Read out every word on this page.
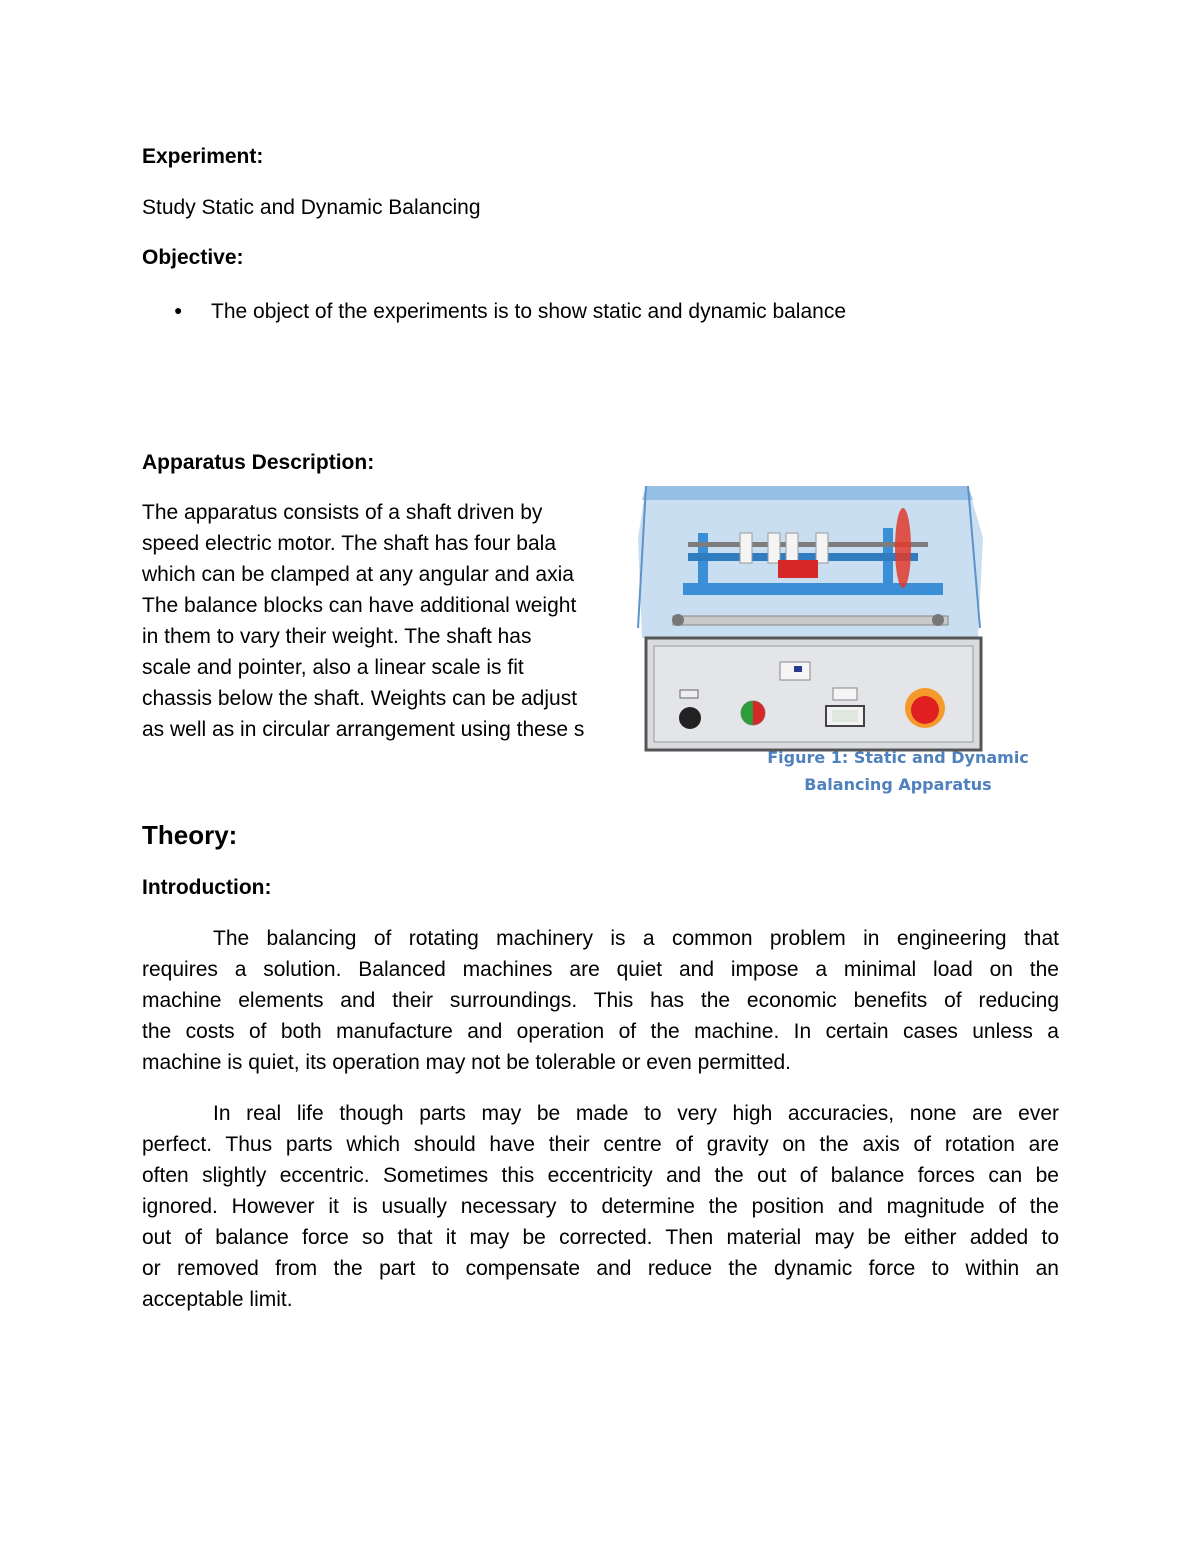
Experiment:
Study Static and Dynamic Balancing
Objective:
● The object of the experiments is to show static and dynamic balance
Apparatus Description:
The apparatus consists of a shaft driven by
speed electric motor. The shaft has four bala
which can be clamped at any angular and axia
The balance blocks can have additional weight
in them to vary their weight. The shaft has
scale and pointer, also a linear scale is fit
chassis below the shaft. Weights can be adjust
as well as in circular arrangement using these s
Figure 1: Static and Dynamic
Balancing Apparatus
Theory:
Introduction:
The balancing of rotating machinery is a common problem in engineering that
requires a solution. Balanced machines are quiet and impose a minimal load on the
machine elements and their surroundings. This has the economic benefits of reducing
the costs of both manufacture and operation of the machine. In certain cases unless a
machine is quiet, its operation may not be tolerable or even permitted.
In real life though parts may be made to very high accuracies, none are ever
perfect. Thus parts which should have their centre of gravity on the axis of rotation are
often slightly eccentric. Sometimes this eccentricity and the out of balance forces can be
ignored. However it is usually necessary to determine the position and magnitude of the
out of balance force so that it may be corrected. Then material may be either added to
or removed from the part to compensate and reduce the dynamic force to within an
acceptable limit.
